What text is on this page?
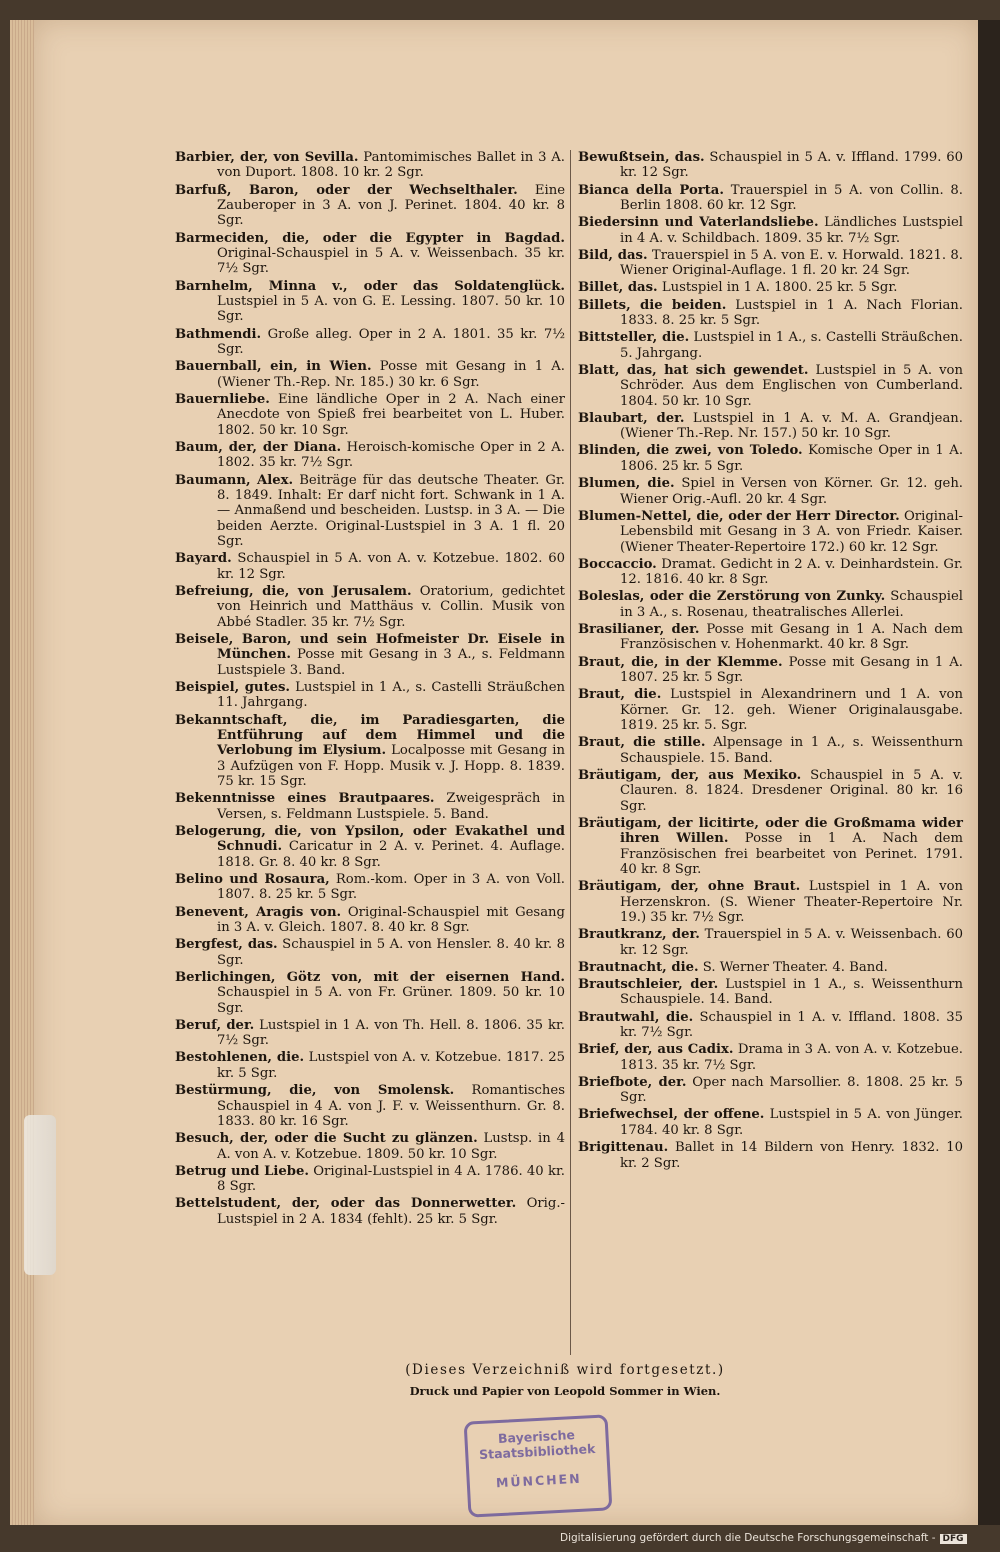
Barbier, der, von Sevilla. Pantomimisches Ballet in 3 A. von Duport. 1808. 10 kr. 2 Sgr.
Barfuß, Baron, oder der Wechselthaler. Eine Zauberoper in 3 A. von J. Perinet. 1804. 40 kr. 8 Sgr.
Barmeciden, die, oder die Egypter in Bagdad. Original-Schauspiel in 5 A. v. Weissenbach. 35 kr. 7½ Sgr.
Barnhelm, Minna v., oder das Soldatenglück. Lustspiel in 5 A. von G. E. Lessing. 1807. 50 kr. 10 Sgr.
Bathmendi. Große alleg. Oper in 2 A. 1801. 35 kr. 7½ Sgr.
Bauernball, ein, in Wien. Posse mit Gesang in 1 A. (Wiener Th.-Rep. Nr. 185.) 30 kr. 6 Sgr.
Bauernliebe. Eine ländliche Oper in 2 A. Nach einer Anecdote von Spieß frei bearbeitet von L. Huber. 1802. 50 kr. 10 Sgr.
Baum, der, der Diana. Heroisch-komische Oper in 2 A. 1802. 35 kr. 7½ Sgr.
Baumann, Alex. Beiträge für das deutsche Theater. Gr. 8. 1849. Inhalt: Er darf nicht fort. Schwank in 1 A. — Anmaßend und bescheiden. Lustsp. in 3 A. — Die beiden Aerzte. Original-Lustspiel in 3 A. 1 fl. 20 Sgr.
Bayard. Schauspiel in 5 A. von A. v. Kotzebue. 1802. 60 kr. 12 Sgr.
Befreiung, die, von Jerusalem. Oratorium, gedichtet von Heinrich und Matthäus v. Collin. Musik von Abbé Stadler. 35 kr. 7½ Sgr.
Beisele, Baron, und sein Hofmeister Dr. Eisele in München. Posse mit Gesang in 3 A., s. Feldmann Lustspiele 3. Band.
Beispiel, gutes. Lustspiel in 1 A., s. Castelli Sträußchen 11. Jahrgang.
Bekanntschaft, die, im Paradiesgarten, die Entführung auf dem Himmel und die Verlobung im Elysium. Localposse mit Gesang in 3 Aufzügen von F. Hopp. Musik v. J. Hopp. 8. 1839. 75 kr. 15 Sgr.
Bekenntnisse eines Brautpaares. Zweigespräch in Versen, s. Feldmann Lustspiele. 5. Band.
Belogerung, die, von Ypsilon, oder Evakathel und Schnudi. Caricatur in 2 A. v. Perinet. 4. Auflage. 1818. Gr. 8. 40 kr. 8 Sgr.
Belino und Rosaura, Rom.-kom. Oper in 3 A. von Voll. 1807. 8. 25 kr. 5 Sgr.
Benevent, Aragis von. Original-Schauspiel mit Gesang in 3 A. v. Gleich. 1807. 8. 40 kr. 8 Sgr.
Bergfest, das. Schauspiel in 5 A. von Hensler. 8. 40 kr. 8 Sgr.
Berlichingen, Götz von, mit der eisernen Hand. Schauspiel in 5 A. von Fr. Grüner. 1809. 50 kr. 10 Sgr.
Beruf, der. Lustspiel in 1 A. von Th. Hell. 8. 1806. 35 kr. 7½ Sgr.
Bestohlenen, die. Lustspiel von A. v. Kotzebue. 1817. 25 kr. 5 Sgr.
Bestürmung, die, von Smolensk. Romantisches Schauspiel in 4 A. von J. F. v. Weissenthurn. Gr. 8. 1833. 80 kr. 16 Sgr.
Besuch, der, oder die Sucht zu glänzen. Lustsp. in 4 A. von A. v. Kotzebue. 1809. 50 kr. 10 Sgr.
Betrug und Liebe. Original-Lustspiel in 4 A. 1786. 40 kr. 8 Sgr.
Bettelstudent, der, oder das Donnerwetter. Orig.-Lustspiel in 2 A. 1834 (fehlt). 25 kr. 5 Sgr.
Bewußtsein, das. Schauspiel in 5 A. v. Iffland. 1799. 60 kr. 12 Sgr.
Bianca della Porta. Trauerspiel in 5 A. von Collin. 8. Berlin 1808. 60 kr. 12 Sgr.
Biedersinn und Vaterlandsliebe. Ländliches Lustspiel in 4 A. v. Schildbach. 1809. 35 kr. 7½ Sgr.
Bild, das. Trauerspiel in 5 A. von E. v. Horwald. 1821. 8. Wiener Original-Auflage. 1 fl. 20 kr. 24 Sgr.
Billet, das. Lustspiel in 1 A. 1800. 25 kr. 5 Sgr.
Billets, die beiden. Lustspiel in 1 A. Nach Florian. 1833. 8. 25 kr. 5 Sgr.
Bittsteller, die. Lustspiel in 1 A., s. Castelli Sträußchen. 5. Jahrgang.
Blatt, das, hat sich gewendet. Lustspiel in 5 A. von Schröder. Aus dem Englischen von Cumberland. 1804. 50 kr. 10 Sgr.
Blaubart, der. Lustspiel in 1 A. v. M. A. Grandjean. (Wiener Th.-Rep. Nr. 157.) 50 kr. 10 Sgr.
Blinden, die zwei, von Toledo. Komische Oper in 1 A. 1806. 25 kr. 5 Sgr.
Blumen, die. Spiel in Versen von Körner. Gr. 12. geh. Wiener Orig.-Aufl. 20 kr. 4 Sgr.
Blumen-Nettel, die, oder der Herr Director. Original-Lebensbild mit Gesang in 3 A. von Friedr. Kaiser. (Wiener Theater-Repertoire 172.) 60 kr. 12 Sgr.
Boccaccio. Dramat. Gedicht in 2 A. v. Deinhardstein. Gr. 12. 1816. 40 kr. 8 Sgr.
Boleslas, oder die Zerstörung von Zunky. Schauspiel in 3 A., s. Rosenau, theatralisches Allerlei.
Brasilianer, der. Posse mit Gesang in 1 A. Nach dem Französischen v. Hohenmarkt. 40 kr. 8 Sgr.
Braut, die, in der Klemme. Posse mit Gesang in 1 A. 1807. 25 kr. 5 Sgr.
Braut, die. Lustspiel in Alexandrinern und 1 A. von Körner. Gr. 12. geh. Wiener Originalausgabe. 1819. 25 kr. 5. Sgr.
Braut, die stille. Alpensage in 1 A., s. Weissenthurn Schauspiele. 15. Band.
Bräutigam, der, aus Mexiko. Schauspiel in 5 A. v. Clauren. 8. 1824. Dresdener Original. 80 kr. 16 Sgr.
Bräutigam, der licitirte, oder die Großmama wider ihren Willen. Posse in 1 A. Nach dem Französischen frei bearbeitet von Perinet. 1791. 40 kr. 8 Sgr.
Bräutigam, der, ohne Braut. Lustspiel in 1 A. von Herzenskron. (S. Wiener Theater-Repertoire Nr. 19.) 35 kr. 7½ Sgr.
Brautkranz, der. Trauerspiel in 5 A. v. Weissenbach. 60 kr. 12 Sgr.
Brautnacht, die. S. Werner Theater. 4. Band.
Brautschleier, der. Lustspiel in 1 A., s. Weissenthurn Schauspiele. 14. Band.
Brautwahl, die. Schauspiel in 1 A. v. Iffland. 1808. 35 kr. 7½ Sgr.
Brief, der, aus Cadix. Drama in 3 A. von A. v. Kotzebue. 1813. 35 kr. 7½ Sgr.
Briefbote, der. Oper nach Marsollier. 8. 1808. 25 kr. 5 Sgr.
Briefwechsel, der offene. Lustspiel in 5 A. von Jünger. 1784. 40 kr. 8 Sgr.
Brigittenau. Ballet in 14 Bildern von Henry. 1832. 10 kr. 2 Sgr.
(Dieses Verzeichniß wird fortgesetzt.)
Druck und Papier von Leopold Sommer in Wien.
Bayerische
Staatsbibliothek
MÜNCHEN
Digitalisierung gefördert durch die Deutsche Forschungsgemeinschaft - DFG
